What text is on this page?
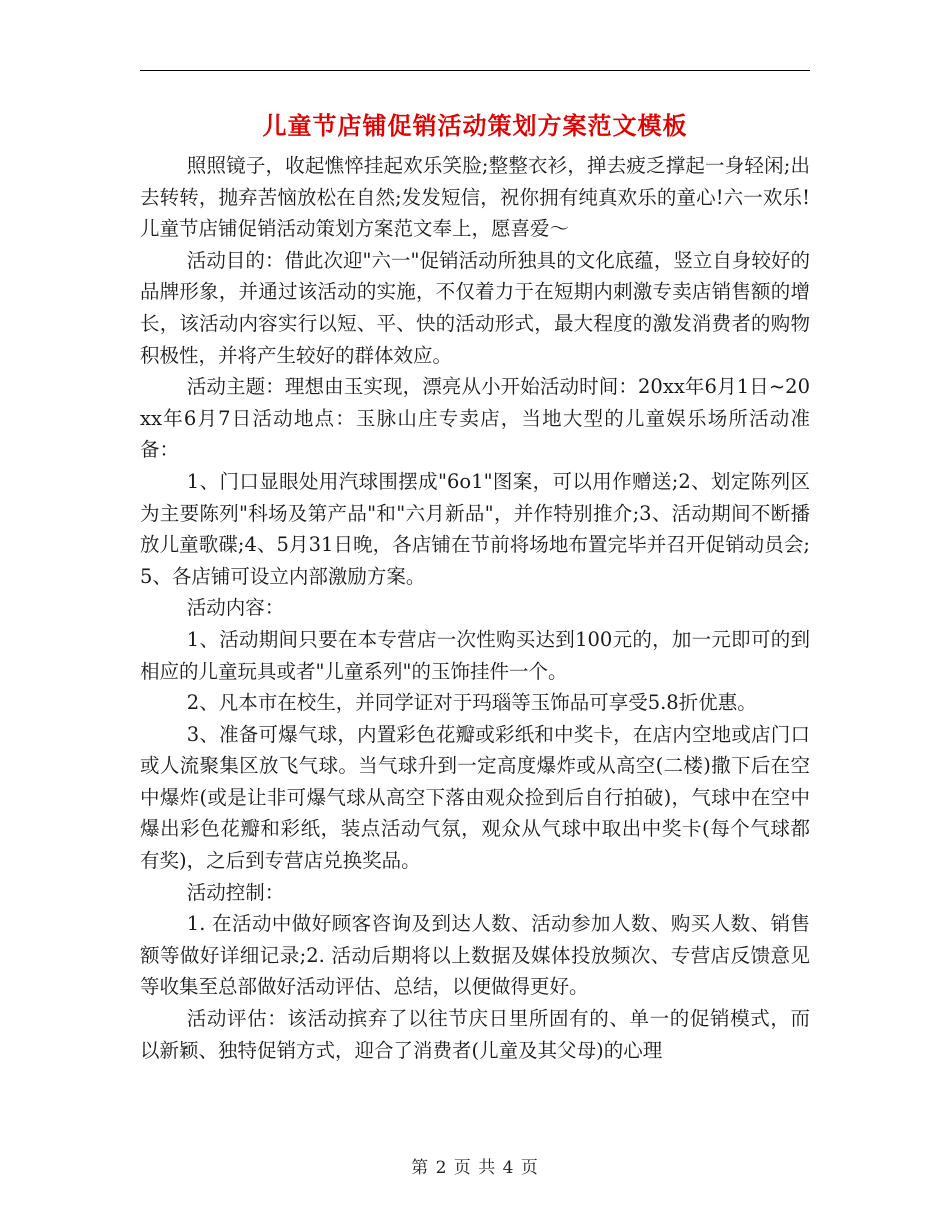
儿童节店铺促销活动策划方案范文模板

照照镜子，收起憔悴挂起欢乐笑脸;整整衣衫，掸去疲乏撑起一身轻闲;出去转转，抛弃苦恼放松在自然;发发短信，祝你拥有纯真欢乐的童心!六一欢乐!儿童节店铺促销活动策划方案范文奉上，愿喜爱～

活动目的：借此次迎"六一"促销活动所独具的文化底蕴，竖立自身较好的品牌形象，并通过该活动的实施，不仅着力于在短期内刺激专卖店销售额的增长，该活动内容实行以短、平、快的活动形式，最大程度的激发消费者的购物积极性，并将产生较好的群体效应。

活动主题：理想由玉实现，漂亮从小开始活动时间：20xx年6月1日~20xx年6月7日活动地点：玉脉山庄专卖店，当地大型的儿童娱乐场所活动准备：

1、门口显眼处用汽球围摆成"6o1"图案，可以用作赠送;2、划定陈列区为主要陈列"科场及第产品"和"六月新品"，并作特别推介;3、活动期间不断播放儿童歌碟;4、5月31日晚，各店铺在节前将场地布置完毕并召开促销动员会;5、各店铺可设立内部激励方案。

活动内容：

1、活动期间只要在本专营店一次性购买达到100元的，加一元即可的到相应的儿童玩具或者"儿童系列"的玉饰挂件一个。

2、凡本市在校生，并同学证对于玛瑙等玉饰品可享受5.8折优惠。

3、准备可爆气球，内置彩色花瓣或彩纸和中奖卡，在店内空地或店门口或人流聚集区放飞气球。当气球升到一定高度爆炸或从高空(二楼)撒下后在空中爆炸(或是让非可爆气球从高空下落由观众捡到后自行拍破)，气球中在空中爆出彩色花瓣和彩纸，装点活动气氛，观众从气球中取出中奖卡(每个气球都有奖)，之后到专营店兑换奖品。

活动控制：

1. 在活动中做好顾客咨询及到达人数、活动参加人数、购买人数、销售额等做好详细记录;2. 活动后期将以上数据及媒体投放频次、专营店反馈意见等收集至总部做好活动评估、总结，以便做得更好。

活动评估：该活动摈弃了以往节庆日里所固有的、单一的促销模式，而以新颖、独特促销方式，迎合了消费者(儿童及其父母)的心理

第 2 页 共 4 页
